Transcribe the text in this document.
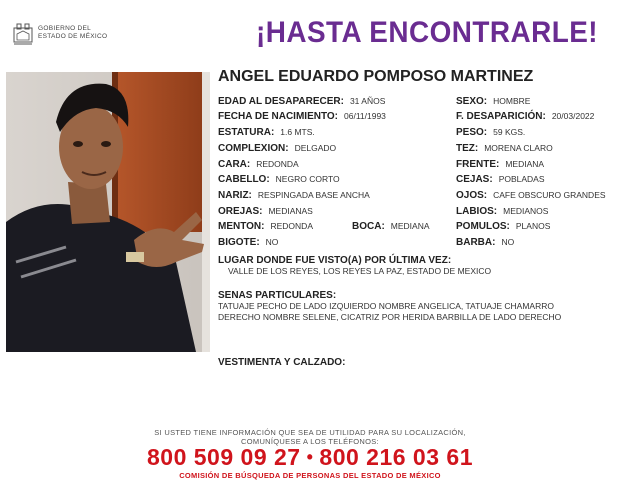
GOBIERNO DEL
ESTADO DE MÉXICO	¡HASTA ENCONTRARLE!
ANGEL EDUARDO POMPOSO MARTINEZ
EDAD AL DESAPARECER: 31 AÑOS
FECHA DE NACIMIENTO: 06/11/1993
ESTATURA: 1.6 MTS.
COMPLEXION: DELGADO
CARA: REDONDA
CABELLO: NEGRO CORTO
NARIZ: RESPINGADA BASE ANCHA
OREJAS: MEDIANAS
MENTON: REDONDA
BIGOTE: NO
BOCA: MEDIANA
SEXO: HOMBRE
F. DESAPARICIÓN: 20/03/2022
PESO: 59 KGS.
TEZ: MORENA CLARO
FRENTE: MEDIANA
CEJAS: POBLADAS
OJOS: CAFE OBSCURO GRANDES
LABIOS: MEDIANOS
POMULOS: PLANOS
BARBA: NO
LUGAR DONDE FUE VISTO(A) POR ÚLTIMA VEZ:
VALLE DE LOS REYES, LOS REYES LA PAZ, ESTADO DE MEXICO
SENAS PARTICULARES:
TATUAJE PECHO DE LADO IZQUIERDO NOMBRE ANGELICA, TATUAJE CHAMARRO
DERECHO NOMBRE SELENE, CICATRIZ POR HERIDA BARBILLA DE LADO DERECHO
VESTIMENTA Y CALZADO:
SI USTED TIENE INFORMACIÓN QUE SEA DE UTILIDAD PARA SU LOCALIZACIÓN,
COMUNÍQUESE A LOS TELÉFONOS:
800 509 09 27 • 800 216 03 61
COMISIÓN DE BÚSQUEDA DE PERSONAS DEL ESTADO DE MÉXICO
